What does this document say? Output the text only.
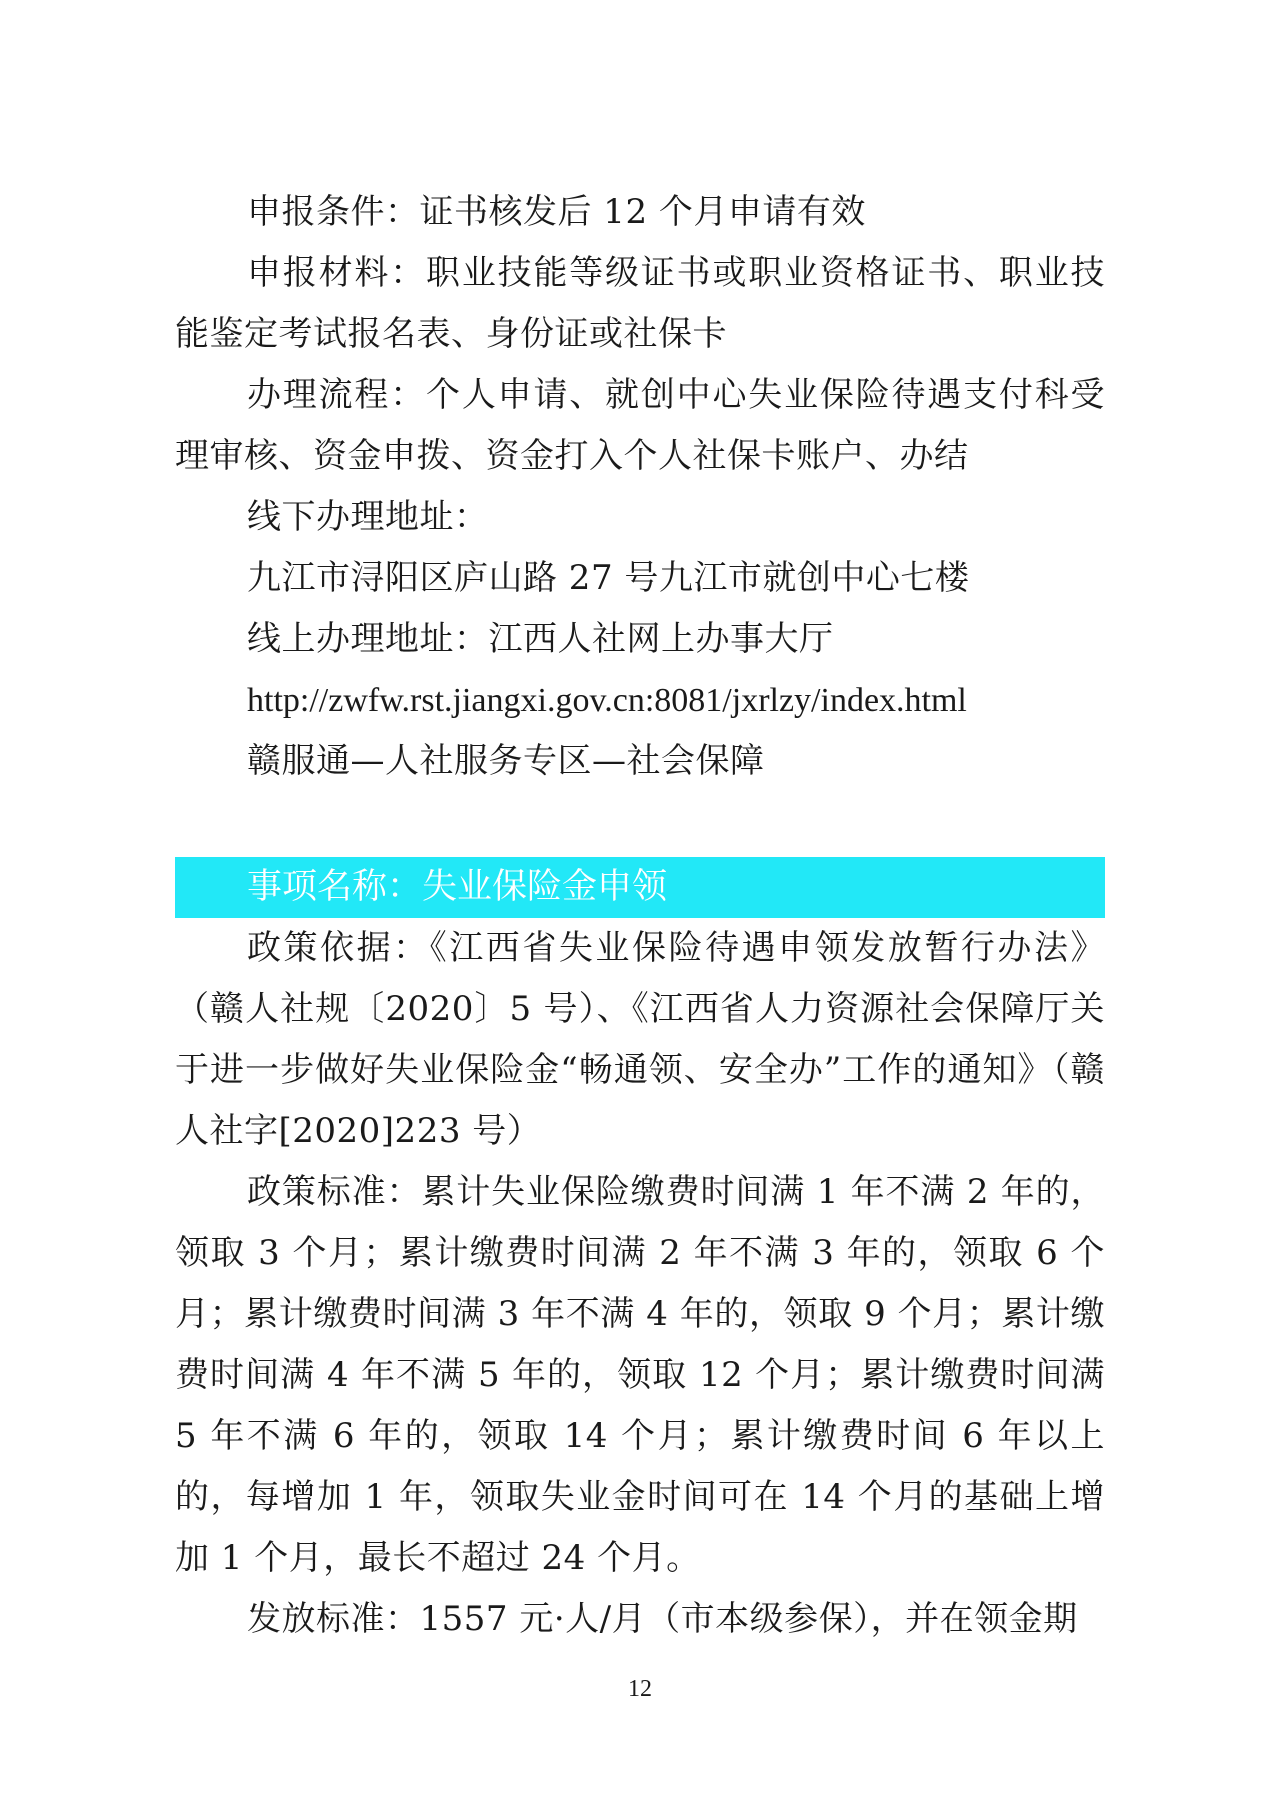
申报条件：证书核发后 12 个月申请有效

申报材料：职业技能等级证书或职业资格证书、职业技能鉴定考试报名表、身份证或社保卡

办理流程：个人申请、就创中心失业保险待遇支付科受理审核、资金申拨、资金打入个人社保卡账户、办结

线下办理地址：

九江市浔阳区庐山路 27 号九江市就创中心七楼

线上办理地址：江西人社网上办事大厅

http://zwfw.rst.jiangxi.gov.cn:8081/jxrlzy/index.html

赣服通—人社服务专区—社会保障

事项名称：失业保险金申领

政策依据：《江西省失业保险待遇申领发放暂行办法》（赣人社规〔2020〕5 号）、《江西省人力资源社会保障厅关于进一步做好失业保险金“畅通领、安全办”工作的通知》（赣人社字[2020]223 号）

政策标准：累计失业保险缴费时间满 1 年不满 2 年的，领取 3 个月；累计缴费时间满 2 年不满 3 年的，领取 6 个月；累计缴费时间满 3 年不满 4 年的，领取 9 个月；累计缴费时间满 4 年不满 5 年的，领取 12 个月；累计缴费时间满 5 年不满 6 年的，领取 14 个月；累计缴费时间 6 年以上的，每增加 1 年，领取失业金时间可在 14 个月的基础上增加 1 个月，最长不超过 24 个月。

发放标准：1557 元·人/月（市本级参保），并在领金期

12
